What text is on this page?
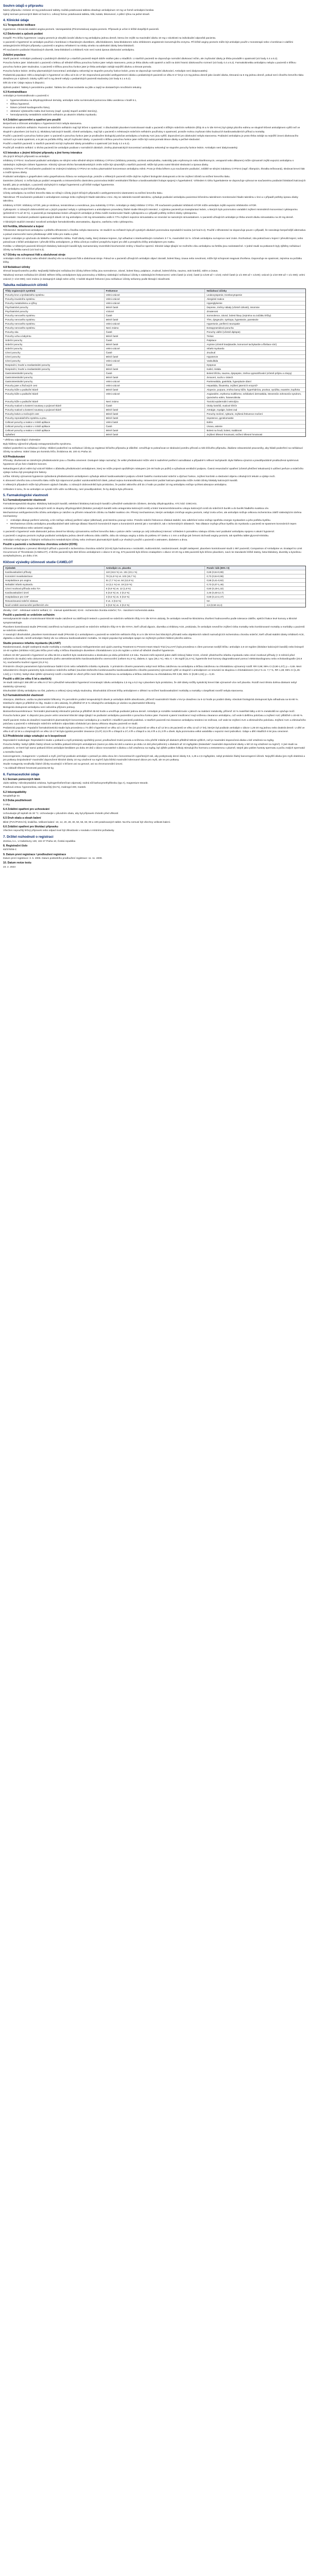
Souhrn údajů o přípravku
Název přípravku: Amlosin 10 mg potahované tablety. Každá potahovaná tableta obsahuje amlodipinum 10 mg ve formě amlodipini besilas.
Úplný seznam pomocných látek viz bod 6.1. Lékový forma: potahovaná tableta, bílá, kulatá, bikonvexní, s půlicí rýhou na jedné straně.
4. Klinické údaje
4.1 Terapeutické indikace
Hypertenze. Chronická stabilní angina pectoris. Vazospastická (Prinzmetalova) angina pectoris. Přípravek je určen k léčbě dospělých pacientů.
4.2 Dávkování a způsob podání
Dospělí: Pro léčbu hypertenze i anginy pectoris je obvyklá úvodní dávka 5 mg amlodipinu jednou denně, kterou lze zvýšit na maximální dávku 10 mg v závislosti na individuální odpovědi pacienta.
U pacientů s hypertenzí se amlodipin používá v kombinaci s thiazidovým diuretikem, alfa-blokátorem, beta-blokátorem nebo inhibitorem angiotenzin konvertujícího enzymu. Při léčbě anginy pectoris může být amlodipin použit v monoterapii nebo v kombinaci s dalšími antianginózními léčivými přípravky u pacientů s anginou refrakterní na nitráty a/nebo na adekvátní dávky beta-blokátorů.
Při současném podávání thiazidových diuretik, beta-blokátorů a inhibitorů ACE není nutná úprava dávkování amlodipinu.
Zvláštní populace
Starší pacienti: Amlodipin podávaný v podobných dávkách je u starších pacientů stejně dobře snášen jako u mladších. U starších pacientů se doporučuje normální dávkovací režim, ale zvyšování dávky je třeba provádět s opatrností (viz body 4.4 a 5.2).
Porucha funkce jater: Dávkování u pacientů s lehkou až středně těžkou poruchou funkce jater nebylo stanoveno, proto je třeba dávku volit opatrně a začít na dolní hranici dávkovacího rozmezí (viz body 4.4 a 5.2). Farmakokinetika amlodipinu nebyla u pacientů s těžkou poruchou funkce jater studována. U pacientů s těžkou poruchou funkce jater je třeba amlodipin zahájit nejnižší dávkou a titrovat pomalu.
Porucha funkce ledvin: Změny plazmatických koncentrací amlodipinu nekorelují se stupněm poruchy funkce ledvin, proto se doporučuje normální dávkování. Amlodipin není dialyzovatelný.
Pediatrická populace: Děti a dospívající s hypertenzí ve věku od 6 do 17 let: Doporučená perorální antihypertenzní dávka u pediatrických pacientů ve věku 6-17 let je 2,5 mg jednou denně jako úvodní dávka, titrovaná na 5 mg jednou denně, pokud není cílového krevního tlaku dosaženo po 4 týdnech. Dávky vyšší než 5 mg denně nebyly u pediatrických pacientů studovány (viz body 5.1 a 5.2).
Děti do 6 let: Údaje nejsou k dispozici.
Způsob podání: Tablety k perorálnímu podání. Tabletu lze užívat nezávisle na jídle a zapíjí se dostatečným množstvím tekutiny.
4.3 Kontraindikace
Amlodipin je kontraindikován u pacientů s:
• hypersenzitivitou na dihydropyridinové deriváty, amlodipin nebo na kteroukoli pomocnou látku uvedenou v bodě 6.1,
• těžkou hypotenzí,
• šokem (včetně kardiogenního šoku),
• obstrukcí výtokového traktu levé komory (např. vysoký stupeň aortální stenózy),
• hemodynamicky nestabilním srdečním selháním po akutním infarktu myokardu.
4.4 Zvláštní upozornění a opatření pro použití
Bezpečnost a účinnost amlodipinu v hypertenzní krizi nebyla stanovena.
Pacienti se srdečním selháním: Pacienti se srdečním selháním mají být léčeni s opatrností. V dlouhodobé placebem kontrolované studii u pacientů s těžkým srdečním selháním (třídy III a IV dle NYHA) byl výskyt plicního edému ve skupině léčené amlodipinem vyšší než ve skupině s placebem (viz bod 5.1). Blokátory kalciových kanálů, včetně amlodipinu, mají být u pacientů s městnavým srdečním selháním používány s opatrností, protože mohou zvyšovat riziko budoucích kardiovaskulárních příhod a mortality.
Použití u pacientů s poruchou funkce jater: U pacientů s poruchou funkce jater je prodloužen biologický poločas amlodipinu a hodnoty AUC jsou vyšší; doporučení pro dávkování nebyla stanovena. Podávání amlodipinu je proto třeba zahájit na nejnižší úrovni dávkovacího rozmezí a je nutná opatrnost, a to jak na počátku léčby, tak při zvyšování dávky. U pacientů s těžkou poruchou funkce jater může být nutná pomalá titrace dávky a pečlivé sledování.
Použití u starších pacientů: U starších pacientů má být zvyšování dávky prováděno s opatrností (viz body 4.2 a 5.2).
Použití při renálním selhání: U těchto pacientů lze amlodipin podávat v normálních dávkách. Změny plazmatických koncentrací amlodipinu nekorelují se stupněm poruchy funkce ledvin. Amlodipin není dialyzovatelný.
4.5 Interakce s jinými léčivými přípravky a jiné formy interakce
Vliv jiných léčivých přípravků na amlodipin:
Inhibitory CYP3A4: Současné podávání amlodipinu se silnými nebo středně silnými inhibitory CYP3A4 (inhibitory proteázy, azolová antimykotika, makrolidy jako erythromycin nebo klarithromycin, verapamil nebo diltiazem) může významně zvýšit expozici amlodipinu s následným zvýšeným rizikem hypotenze. Klinický význam těchto farmakokinetických změn může být výraznější u starších pacientů. Může být proto nutné klinické sledování a úprava dávky.
Induktory CYP3A4: Při současném podávání se známými induktory CYP3A4 se mohou plazmatické koncentrace amlodipinu měnit. Proto je třeba během a po současném podávání, zvláště se silnými induktory CYP3A4 (např. rifampicin, třezalka tečkovaná), sledovat krevní tlak a zvážit úpravu dávky.
Podávání amlodipinu s grapefruitem nebo grapefruitovou šťávou se nedoporučuje, protože u některých pacientů může dojít ke zvýšení biologické dostupnosti a tím ke zvýšení účinků na snížení krevního tlaku.
Dantrolen (infuze): U zvířat byla po podání verapamilu a intravenózního dantrolenu pozorována letální ventrikulární fibrilace a kardiovaskulární kolaps spojený s hyperkalemií. Vzhledem k riziku hyperkalemie se doporučuje vyhnout se současnému podávání blokátorů kalciových kanálů, jako je amlodipin, u pacientů náchylných k maligní hypertermii a při léčbě maligní hypertermie.
Vliv amlodipinu na jiné léčivé přípravky:
Účinky amlodipinu na snížení krevního tlaku se sčítají s účinky jiných léčivých přípravků s antihypertenzními vlastnostmi na snížení krevního tlaku.
Takrolimus: Při současném podávání s amlodipinem existuje riziko zvýšených hladin takrolimu v krvi. Aby se zabránilo toxicitě takrolimu, vyžaduje podávání amlodipinu pacientovi léčenému takrolimem monitorování hladin takrolimu v krvi a v případě potřeby úpravu dávky takrolimu.
Inhibitory mTOR: Inhibitory mTOR, jako je sirolimus, temsirolimus a everolimus, jsou substráty CYP3A. Amlodipin je slabý inhibitor CYP3A. Při současném podávání inhibitorů mTOR může amlodipin zvýšit expozici inhibitorům mTOR.
Cyklosporin: U zdravých dobrovolníků ani u jiných populací nebyly s cyklosporinem a amlodipinem provedeny žádné studie lékových interakcí, s výjimkou pacientů po transplantaci ledvin, u kterých bylo pozorováno variabilní zvýšení minimálních koncentrací cyklosporinu (průměrně 0 % až 40 %). U pacientů po transplantaci ledvin užívajících amlodipin je třeba zvážit monitorování hladin cyklosporinu a v případě potřeby snížení dávky cyklosporinu.
Simvastatin: Současné podávání opakovaných dávek 10 mg amlodipinu s 80 mg simvastatinu vedlo k 77% zvýšení expozice simvastatinu ve srovnání se samotným simvastatinem. U pacientů užívajících amlodipin je třeba omezit dávku simvastatinu na 20 mg denně.
V klinických studiích interakcí neovlivnil amlodipin farmakokinetiku atorvastatinu, digoxinu, warfarinu nebo cyklosporinu.
4.6 Fertilita, těhotenství a kojení
Těhotenství: Bezpečnost amlodipinu v průběhu těhotenství u člověka nebyla stanovena. Ve studiích na zvířatech byla při vysokých dávkách pozorována reprodukční toxicita (viz bod 5.3). Použití v těhotenství se doporučuje pouze v případě, že neexistuje bezpečnější alternativa a pokud onemocnění samo představuje větší riziko pro matku a plod.
Kojení: Amlodipin je vylučován do lidského mateřského mléka. Podíl dávky matky, který dostane kojenec, byl odhadnut s interkvartilovým rozsahem 3-7 %, maximálně 15 %. Účinek amlodipinu na kojence není znám. Rozhodnutí, zda pokračovat v kojení / přerušit kojení, nebo pokračovat v léčbě amlodipinem / přerušit léčbu amlodipinem, je třeba učinit po zvážení prospěchu kojení pro dítě a prospěchu léčby amlodipinem pro matku.
Fertilita: U některých pacientů léčených blokátory kalciových kanálů byly zaznamenány reverzibilní biochemické změny v hlavičce spermií. Klinické údaje týkající se možného vlivu amlodipinu na fertilitu jsou nedostatečné. V jedné studii na potkanech byly zjištěny nežádoucí účinky na fertilitu samců (viz bod 5.3).
4.7 Účinky na schopnost řídit a obsluhovat stroje
Amlodipin může mít mírný nebo středně závažný vliv na schopnost řídit a obsluhovat stroje. Pokud se u pacientů užívajících amlodipin objeví závratě, bolest hlavy, únava nebo nevolnost, může být schopnost reagovat zhoršena. Doporučuje se opatrnost, zejména na počátku léčby.
4.8 Nežádoucí účinky
Shrnutí bezpečnostního profilu: Nejčastěji hlášenými nežádoucími účinky během léčby jsou somnolence, závrať, bolest hlavy, palpitace, zrudnutí, bolest břicha, nauzea, otok kotníků, edém a únava.
Tabulkový seznam nežádoucích účinků: Během léčby amlodipinem byly pozorovány a hlášeny následující nežádoucí účinky s následujícími frekvencemi: velmi časté (≥ 1/10); časté (≥ 1/100 až < 1/10); méně časté (≥ 1/1 000 až < 1/100); vzácné (≥ 1/10 000 až < 1/1 000); velmi vzácné (< 1/10 000); není známo (z dostupných údajů nelze určit). V každé skupině frekvencí jsou nežádoucí účinky seřazeny podle klesající závažnosti.
Tabulka nežádoucích účinků
Třídy orgánových systémů	Frekvence	Nežádoucí účinky
Poruchy krve a lymfatického systému	Velmi vzácné	Leukocytopenie, trombocytopenie
Poruchy imunitního systému	Velmi vzácné	Alergické reakce
Poruchy metabolismu a výživy	Velmi vzácné	Hyperglykemie
Psychiatrické poruchy	Méně časté	Deprese, změny nálady (včetně úzkosti), insomnie
Psychiatrické poruchy	Vzácné	Zmatenost
Poruchy nervového systému	Časté	Somnolence, závrať, bolest hlavy (zejména na začátku léčby)
Poruchy nervového systému	Méně časté	Třes, dysgeuzie, synkopa, hypestezie, parestezie
Poruchy nervového systému	Velmi vzácné	Hypertonie, periferní neuropatie
Poruchy nervového systému	Není známo	Extrapyramidová porucha
Poruchy oka	Časté	Poruchy vidění (včetně diplopie)
Poruchy ucha a labyrintu	Méně časté	Tinitus
Srdeční poruchy	Časté	Palpitace
Srdeční poruchy	Méně časté	Arytmie (včetně bradykardie, komorové tachykardie a fibrilace síní)
Srdeční poruchy	Velmi vzácné	Infarkt myokardu
Cévní poruchy	Časté	Zrudnutí
Cévní poruchy	Méně časté	Hypotenze
Cévní poruchy	Velmi vzácné	Vaskulitida
Respirační, hrudní a mediastinální poruchy	Časté	Dyspnoe
Respirační, hrudní a mediastinální poruchy	Méně časté	Kašel, rinitida
Gastrointestinální poruchy	Časté	Bolest břicha, nauzea, dyspepsie, změna vyprazdňování (včetně průjmu a zácpy)
Gastrointestinální poruchy	Méně časté	Zvracení, sucho v ústech
Gastrointestinální poruchy	Velmi vzácné	Pankreatitida, gastritida, hyperplazie dásní
Poruchy jater a žlučových cest	Velmi vzácné	Hepatitida, žloutenka, zvýšení jaterních enzymů*
Poruchy kůže a podkožní tkáně	Méně časté	Alopecie, purpura, změna barvy kůže, hyperhidróza, pruritus, vyrážka, exantém, kopřivka
Poruchy kůže a podkožní tkáně	Velmi vzácné	Angioedém, erythema multiforme, exfoliativní dermatitida, Stevensův-Johnsonův syndrom, Quinckeho edém, fotosenzitivita
Poruchy kůže a podkožní tkáně	Není známo	Toxická epidermální nekrolýza
Poruchy svalové a kosterní soustavy a pojivové tkáně	Časté	Otoky kotníků, svalové křeče
Poruchy svalové a kosterní soustavy a pojivové tkáně	Méně časté	Artralgie, myalgie, bolest zad
Poruchy ledvin a močových cest	Méně časté	Poruchy močení, nykturie, zvýšená frekvence močení
Poruchy reprodukčního systému a prsu	Méně časté	Impotence, gynekomastie
Celkové poruchy a reakce v místě aplikace	Velmi časté	Edém
Celkové poruchy a reakce v místě aplikace	Časté	Únava, astenie
Celkové poruchy a reakce v místě aplikace	Méně časté	Bolest na hrudi, bolest, malátnost
Vyšetření	Méně časté	Zvýšení tělesné hmotnosti, snížení tělesné hmotnosti
* většinou odpovídající cholestáze
Byly hlášeny výjimečné případy extrapyramidového syndromu.
Hlášení podezření na nežádoucí účinky: Hlášení podezření na nežádoucí účinky po registraci léčivého přípravku je důležité. Umožňuje to pokračovat ve sledování poměru přínosů a rizik léčivého přípravku. Žádáme zdravotnické pracovníky, aby hlásili podezření na nežádoucí účinky na adresu: Státní ústav pro kontrolu léčiv, Šrobárova 48, 100 41 Praha 10.
4.9 Předávkování
Příznaky: Zkušenosti se záměrným předávkováním jsou u člověka omezené. Dostupné údaje naznačují, že velké předávkování může vést k nadměrné periferní vazodilataci a případně k reflexní tachykardii. Byla hlášena výrazná a pravděpodobně prodloužená systémová hypotenze až po šok s fatálním koncem.
Nekardiogenní plicní edém byl vzácně hlášen v důsledku předávkování amlodipinem, který se může projevit opožděným nástupem (24-48 hodin po požití) a vyžadovat ventilační podporu. Časná resuscitační opatření (včetně přetížení tekutinami) k udržení perfuze a srdečního výdeje mohou být precipitujícími faktory.
Léčba: Klinicky významná hypotenze způsobená předávkováním amlodipinem vyžaduje aktivní kardiovaskulární podporu včetně častého monitorování srdeční a dýchací funkce, zvýšení končetin a sledování objemu cirkulujících tekutin a výdeje moči.
K obnovení cévního tonu a krevního tlaku může být nápomocné podání vazokonstrikčních látek, pokud nejsou kontraindikovány. Intravenózní podání kalcium-glukonátu může zvrátit účinky blokády kalciových kanálů.
V některých případech může být přínosem výplach žaludku. U zdravých dobrovolníků bylo prokázáno, že podání aktivního uhlí do 2 hodin po podání 10 mg amlodipinu snižuje rychlost absorpce amlodipinu.
Vzhledem k tomu, že se amlodipin ve vysoké míře váže na bílkoviny, není pravděpodobné, že by dialýza byla přínosná.
5. Farmakologické vlastnosti
5.1 Farmakodynamické vlastnosti
Farmakoterapeutická skupina: Blokátory kalciových kanálů, selektivní blokátory kalciových kanálů s převážně vaskulárním účinkem, deriváty dihydropyridinu. ATC kód: C08CA01.
Amlodipin je inhibitor vstupu kalciových iontů ze skupiny dihydropyridinů (blokátor pomalých kanálů nebo antagonista kalciových iontů) a brání transmembránovému vstupu kalciových iontů do srdečních buněk a do buněk hladkého svalstva cév.
Mechanismus antihypertenzního účinku amlodipinu je založen na přímém relaxačním účinku na hladké svalstvo cév. Přesný mechanismus, kterým amlodipin zmírňuje anginu pectoris, nebyl zcela určen, ale amlodipin snižuje celkovou ischemickou zátěž následujícími dvěma mechanismy:
• Amlodipin dilatuje periferní arterioly, a tím snižuje celkový periferní odpor (afterload), proti kterému pracuje srdce. Protože srdeční frekvence zůstává stabilní, toto odlehčení srdce snižuje spotřebu energie myokardem a jeho potřebu kyslíku.
• Mechanismus účinku amlodipinu pravděpodobně také zahrnuje dilataci hlavních koronárních tepen a koronárních arteriol jak v normálních, tak v ischemických oblastech. Tato dilatace zvyšuje přísun kyslíku do myokardu u pacientů se spasmem koronárních tepen (Prinzmetalova nebo variantní angina).
U pacientů s hypertenzí vede dávkování jednou denně ke klinicky významnému snížení krevního tlaku v poloze vleže i vestoje po celý 24hodinový interval. Vzhledem k pomalému nástupu účinku není podávání amlodipinu spojeno s akutní hypotenzí.
U pacientů s anginou pectoris zvyšuje podávání amlodipinu jednou denně celkovou dobu zátěže, dobu do nástupu anginy a dobu do poklesu ST úseku o 1 mm a snižuje jak četnost záchvatů anginy pectoris, tak spotřebu tablet glycerol-trinitrátu.
Amlodipin nebyl spojen s žádnými nežádoucími metabolickými účinky nebo změnami plazmatických lipidů a je vhodný k použití u pacientů s astmatem, diabetem a dnou.
Použití u pacientů s ischemickou chorobou srdeční (ICHS)
Účinnost amlodipinu v prevenci klinických příhod u pacientů s ischemickou chorobou srdeční (ICHS) byla hodnocena v nezávislé, multicentrické, randomizované, dvojitě zaslepené, placebem kontrolované studii 1 997 pacientů; Comparison of Amlodipine vs. Enalapril to Limit Occurrences of Thrombosis (CAMELOT). Z těchto pacientů bylo 663 léčeno amlodipinem v dávce 5-10 mg, 673 pacientů bylo léčeno enalaprilem v dávce 10-20 mg a 655 pacientů bylo léčeno placebem, navíc ke standardní léčbě statiny, beta-blokátory, diuretiky a kyselinou acetylsalicylovou, po dobu 2 let.
Klíčové výsledky účinnosti studie CAMELOT
Výsledek	Amlodipin vs. placebo	Poměr rizik (95% CI)
Kardiovaskulární příhody	110 (16,6 %) vs. 151 (23,1 %)	0,69 (0,54-0,88)
Koronární revaskularizace	78 (11,8 %) vs. 103 (15,7 %)	0,73 (0,54-0,98)
Hospitalizace pro anginu	51 (7,7 %) vs. 84 (12,8 %)	0,58 (0,41-0,82)
Nefatální infarkt myokardu	14 (2,1 %) vs. 19 (2,9 %)	0,73 (0,37-1,46)
Cévní mozková příhoda nebo TIA	6 (0,9 %) vs. 12 (1,8 %)	0,50 (0,19-1,32)
Kardiovaskulární úmrtí	5 (0,8 %) vs. 2 (0,3 %)	2,46 (0,48-12,7)
Hospitalizace pro CHF	3 (0,5 %) vs. 5 (0,8 %)	0,59 (0,14-2,47)
Resuscitovaná srdeční zástava	0 vs. 4 (0,6 %)	NA
Nově vzniklé onemocnění periferních cév	5 (0,8 %) vs. 2 (0,3 %)	2,6 (0,50-13,4)
Zkratky: CHF - městnavé srdeční selhání; CI - interval spolehlivosti; ICHS - ischemická choroba srdeční; TIA - tranzitorní ischemická ataka.
Použití u pacientů se srdečním selháním
Hemodynamické studie a kontrolované klinické studie založené na zátěžových testech u pacientů se srdečním selháním třídy II-IV dle NYHA ukázaly, že amlodipin nevedl ke klinickému zhoršení hodnoceného podle tolerance zátěže, ejekční frakce levé komory a klinické symptomatologie.
Placebem kontrolovaná studie (PRAISE) zaměřená na hodnocení pacientů se srdečním selháním třídy III-IV dle NYHA, kteří užívali digoxin, diuretika a inhibitory ACE, prokázala, že amlodipin nevedl ke zvýšení rizika mortality nebo kombinované mortality a morbidity u pacientů se srdečním selháním.
V navazující dlouhodobé, placebem kontrolované studii (PRAISE-2) s amlodipinem u pacientů se srdečním selháním třídy III a IV dle NYHA bez klinických příznaků nebo objektivních nálezů naznačujících ischemickou chorobu srdeční, kteří užívali stabilní dávky inhibitorů ACE, digitalisu a diuretik, neměl amlodipin žádný vliv na celkovou kardiovaskulární mortalitu. Ve stejné populaci byl amlodipin spojen se zvýšeným počtem hlášení plicního edému.
Studie prevence infarktu myokardu (ALLHAT)
Randomizovaná, dvojitě zaslepená studie morbidity a mortality nazvaná Antihypertensive and Lipid-Lowering Treatment to Prevent Heart Attack Trial (ALLHAT) byla provedena s cílem porovnat novější léčbu: amlodipin 2,5-10 mg/den (blokátor kalciových kanálů) nebo lisinopril 10-40 mg/den (inhibitor ACE) jako léčbu první volby s léčbou thiazidovým diuretikem chlortalidonem 12,5-25 mg/den u mírné až středně závažné hypertenze.
Celkem 33 357 pacientů s hypertenzí ve věku 55 let a starších bylo randomizováno a sledováno po dobu průměrně 4,9 roku. Pacienti měli nejméně jeden další rizikový faktor ICHS, včetně: předchozího infarktu myokardu nebo cévní mozkové příhody (> 6 měsíců před zařazením do studie) nebo dokumentovaného jiného aterosklerotického kardiovaskulárního onemocnění (celkem 51,5 %), diabetu 2. typu (36,1 %), HDL-C < 35 mg/dl (11,6 %), hypertrofie levé komory diagnostikované pomocí elektrokardiogramu nebo echokardiografie (20,9 %), současného kouření cigaret (21,9 %).
Primárním cílovým parametrem byla kombinace fatální ICHS nebo nefatálního infarktu myokardu. V primárním cílovém parametru nebyl mezi léčbou založenou na amlodipinu a léčbou založenou na chlortalidonu významný rozdíl: RR 0,98; 95% CI (0,90-1,07); p = 0,65. Mezi sekundárními cílovými parametry byla incidence srdečního selhání (součást složeného kombinovaného kardiovaskulárního cílového parametru) významně vyšší ve skupině s amlodipinem ve srovnání se skupinou s chlortalidonem (10,2 % vs. 7,7 %, RR 1,38; 95% CI [1,25-1,52]; p < 0,001). Nebyl však zjištěn významný rozdíl v mortalitě ze všech příčin mezi léčbou založenou na amlodipinu a léčbou založenou na chlortalidonu RR 0,96; 95% CI [0,89-1,02]; p = 0,20.
Použití u dětí (ve věku 6 let a starších)
Ve studii zahrnující 268 dětí ve věku 6-17 let s převážně sekundární hypertenzí srovnávající dávku amlodipinu 2,5 mg a 5,0 mg s placebem bylo prokázáno, že obě dávky snížily systolický krevní tlak významně více než placebo. Rozdíl mezi těmito dvěma dávkami nebyl statisticky významný.
Dlouhodobé účinky amlodipinu na růst, pubertu a celkový vývoj nebyly studovány. Dlouhodobá účinnost léčby amlodipinem v dětství na snížení kardiovaskulární morbidity a mortality v dospělosti rovněž nebyla stanovena.
5.2 Farmakokinetické vlastnosti
Absorpce, distribuce, vazba na plazmatické bílkoviny: Po perorálním podání terapeutických dávek je amlodipin dobře absorbován, přičemž maximálních hladin v krvi je dosaženo za 6-12 hodin po podání dávky. Absolutní biologická dostupnost byla odhadnuta na 64-80 %. Distribuční objem je přibližně 21 l/kg. Studie in vitro ukázaly, že přibližně 97,5 % cirkulujícího amlodipinu je vázáno na plazmatické bílkoviny.
Biologická dostupnost amlodipinu není ovlivněna příjmem potravy.
Biotransformace/eliminace: Terminální plazmatický eliminační poločas je přibližně 35-50 hodin a umožňuje podávání jednou denně. Amlodipin je rozsáhle metabolizován v játrech na inaktivní metabolity, přičemž 10 % mateřské látky a 60 % metabolitů se vylučuje močí.
Porucha funkce jater: K dispozici jsou pouze velmi omezené klinické údaje týkající se podávání amlodipinu pacientům s poruchou funkce jater. Pacienti s jaterní insuficiencí mají sníženou clearance amlodipinu, což vede k delšímu poločasu a zvýšení AUC přibližně o 40-60 %.
Starší pacienti: Doba do dosažení maximálních plazmatických koncentrací amlodipinu je u starších i mladších pacientů podobná. U starších pacientů má clearance amlodipinu tendenci se snižovat, což vede ke zvýšení AUC a eliminačního poločasu. Zvýšení AUC a eliminačního poločasu u pacientů s městnavým srdečním selháním odpovídalo očekávání pro danou věkovou skupinu pacientů ve studii.
Pediatrická populace: Populační farmakokinetická studie byla provedena u 74 dětí s hypertenzí ve věku od 1 do 17 let (34 pacientů ve věku 6 až 12 let a 28 pacientů ve věku 13 až 17 let), kterým byl podáván amlodipin v dávce 1,25-20 mg jednou nebo dvakrát denně. U dětí ve věku 6 až 12 let a u dospívajících ve věku 13-17 let byla typická perorální clearance (CL/F) 22,5 l/h u chlapců a 27,4 l/h u chlapců a 16,4 l/h a 21,3 l/h u dívek. Byla pozorována velká variabilita v expozici mezi jednotlivci. Údaje u dětí mladších 6 let jsou omezené.
5.3 Předklinické údaje vztahující se k bezpečnosti
Reprodukční toxikologie: Reprodukční studie u potkanů a myší prokázaly opožděný porod, prodloužené trvání porodu a sníženou míru přežití mláďat při dávkách přibližně 50krát vyšších, než je maximální doporučená dávka u lidí vztažená na mg/kg.
Porucha fertility: Nebyl zjištěn žádný účinek na fertilitu potkanů léčených amlodipinem (samci po dobu 64 dnů a samice po dobu 14 dnů před pářením) v dávkách až 10 mg/kg/den (8násobek* maximální doporučené dávky u lidí 10 mg vztažené na mg/m²). V jiné studii na potkanech, ve které byli samci potkanů léčeni amlodipin-besilátem po dobu 30 dnů v dávce srovnatelné s dávkou u lidí vztaženou na mg/kg, byl zjištěn pokles folikuly stimulujícího hormonu a testosteronu v plazmě, stejně jako pokles hustoty spermatu a počtu zralých spermatid a Sertoliho buněk.
Kancerogeneze, mutageneze: U potkanů a myší, jimž byl podáván amlodipin v potravě po dobu dvou let v koncentracích vypočtených tak, aby poskytovaly denní dávky 0,5, 1,25 a 2,5 mg/kg/den, nebyl prokázán žádný kancerogenní účinek. Nejvyšší dávka (pro myši obdobná a pro potkany dvojnásobná* maximální doporučené klinické dávky 10 mg vztažené na mg/m²) byla blízká maximální tolerované dávce pro myši, ale ne pro potkany.
Studie mutagenity neodhalily žádné účinky související s léčivem ani na genové, ani na chromozomální úrovni.
* na základě tělesné hmotnosti pacienta 50 kg
6. Farmaceutické údaje
6.1 Seznam pomocných látek
Jádro tablety: mikrokrystalická celulosa, hydrogenfosforečnan vápenatý, sodná sůl karboxymethylškrobu (typ A), magnesium-stearát.
Potahová vrstva: hypromelosa, oxid titaničitý (E171), makrogol 400, mastek.
6.2 Inkompatibility
Neuplatňuje se.
6.3 Doba použitelnosti
3 roky.
6.4 Zvláštní opatření pro uchovávání
Uchovávejte při teplotě do 30 °C. Uchovávejte v původním obalu, aby byl přípravek chráněn před vlhkostí.
6.5 Druh obalu a obsah balení
Blistr (PVC/PVDC/Al), krabička. Velikost balení: 10, 14, 20, 28, 30, 50, 56, 60, 90 a 100 potahovaných tablet. Na trhu nemusí být všechny velikosti balení.
6.6 Zvláštní opatření pro likvidaci přípravku
Všechen nepoužitý léčivý přípravek nebo odpad musí být zlikvidován v souladu s místními požadavky.
7. Držitel rozhodnutí o registraci
Zentiva, k.s., U Kabelovny 130, 102 37 Praha 10, Česká republika
8. Registrační číslo
83/379/06-C
9. Datum první registrace / prodloužení registrace
Datum první registrace: 3. 5. 2006. Datum posledního prodloužení registrace: 11. 11. 2009.
10. Datum revize textu
23. 2. 2023
